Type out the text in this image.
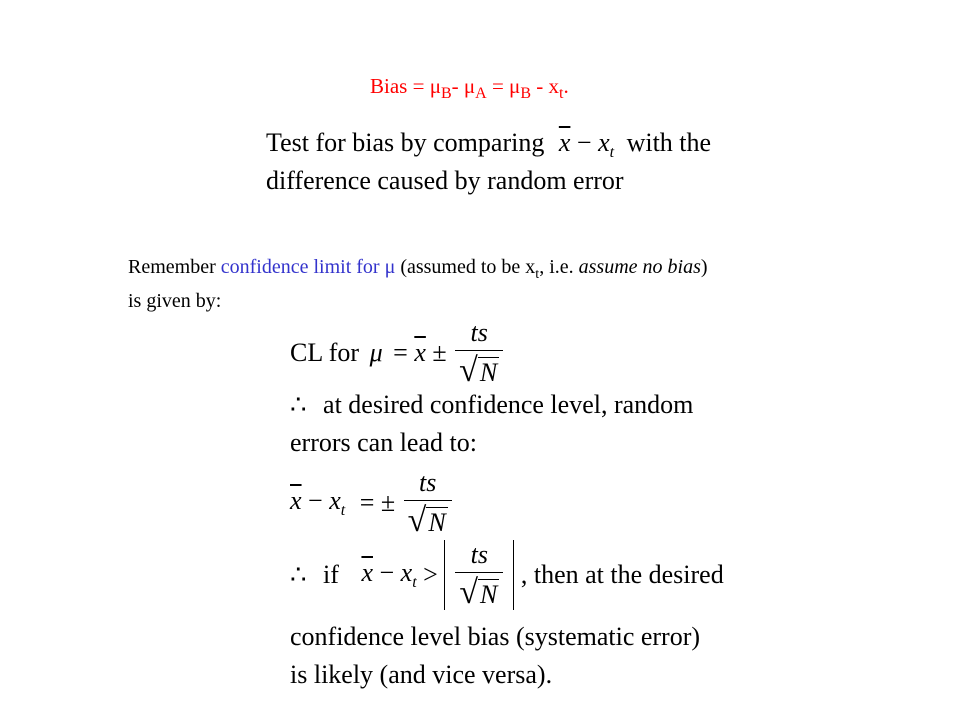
Bias = $\mu_B-$ $\mu_A = \mu_B - x_t$.
Test for bias by comparing $\overline{x} - x_t$ with the
difference caused by random error
Remember confidence limit for μ (assumed to be $x_t$, i.e. assume no bias)
is given by:
CL for $\mu = \overline{x} \pm \frac{ts}{√ N}$
∴ at desired confidence level, random
errors can lead to:
$\overline{x} - x_t$ = ± $\frac{ts}{√ N}$
∴ if $\overline{x} - x_t > \frac{ts}{√ N}$ , then at the desired
confidence level bias (systematic error)
is likely (and vice versa).
